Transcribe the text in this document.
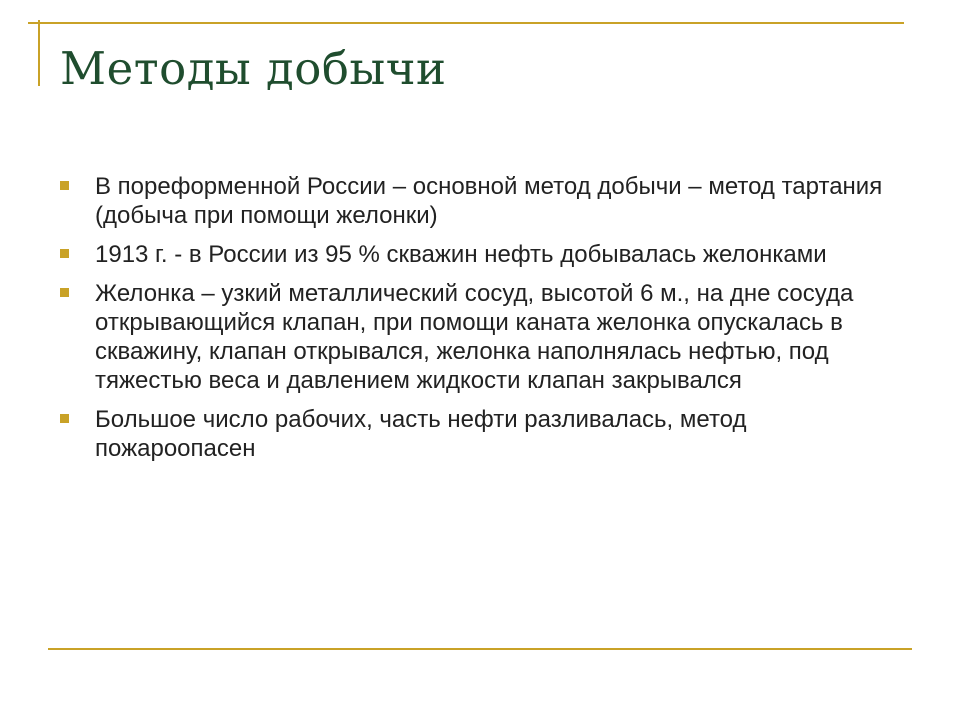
Методы добычи
В пореформенной России – основной метод добычи – метод тартания (добыча при помощи желонки)
1913 г. - в России из 95 % скважин нефть добывалась желонками
Желонка – узкий металлический сосуд, высотой 6 м., на дне сосуда открывающийся клапан, при помощи каната желонка опускалась в скважину, клапан открывался, желонка наполнялась нефтью, под тяжестью веса и давлением жидкости клапан закрывался
Большое число рабочих, часть нефти разливалась, метод пожароопасен
